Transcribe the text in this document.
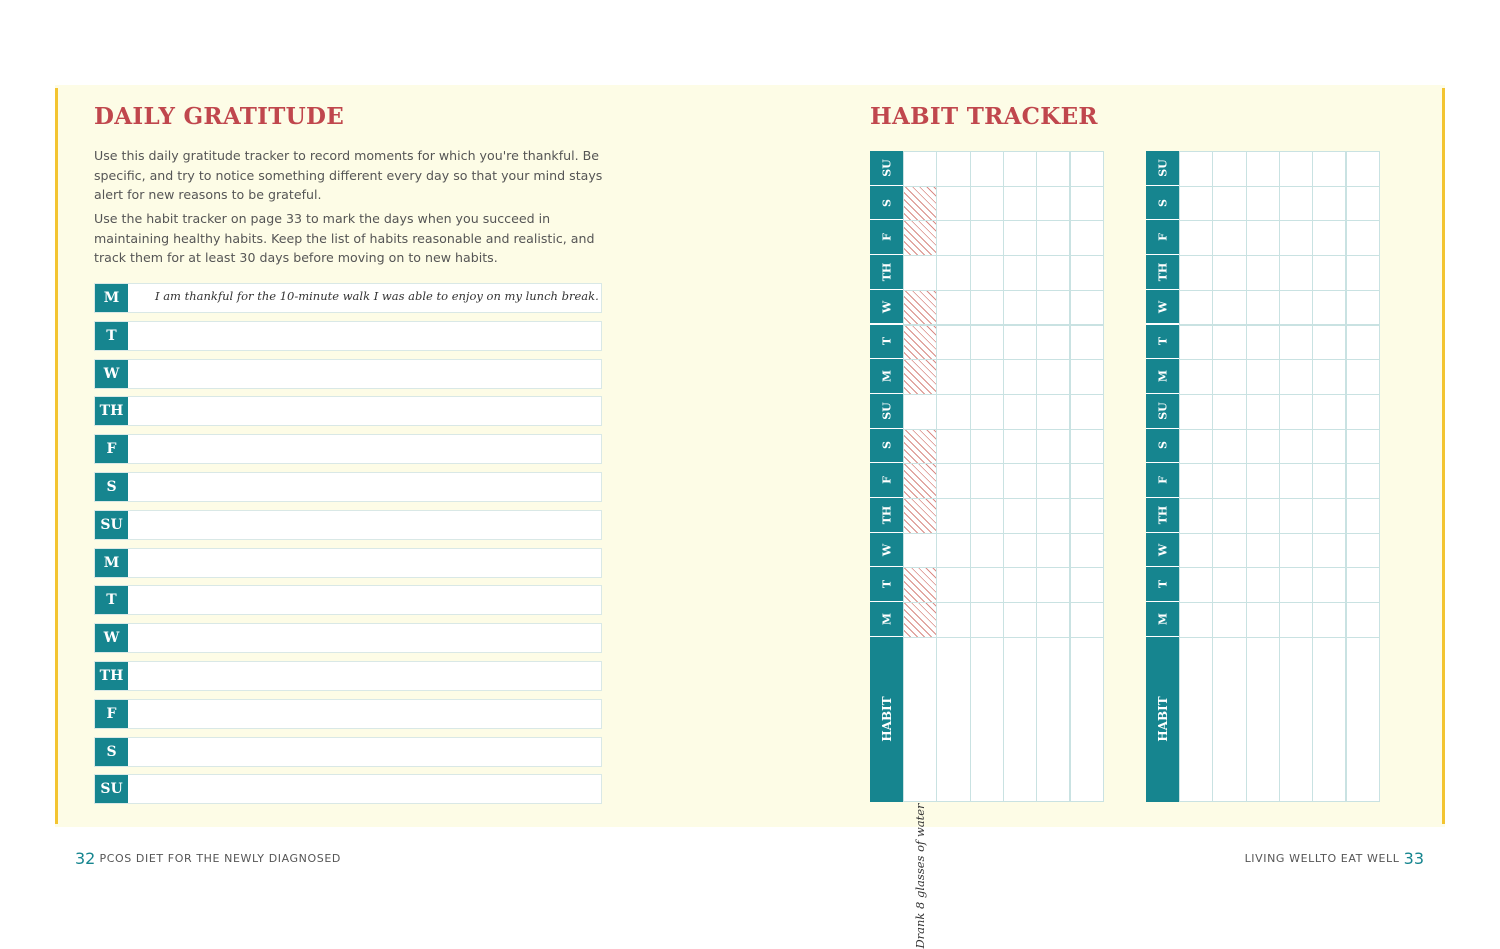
DAILY GRATITUDE

Use this daily gratitude tracker to record moments for which you're thankful. Be specific, and try to notice something different every day so that your mind stays alert for new reasons to be grateful.

Use the habit tracker on page 33 to mark the days when you succeed in maintaining healthy habits. Keep the list of habits reasonable and realistic, and track them for at least 30 days before moving on to new habits.

M	I am thankful for the 10-minute walk I was able to enjoy on my lunch break.
T
W
TH
F
S
SU
M
T
W
TH
F
S
SU
HABIT TRACKER
SU
S
F
TH
W
T
M
SU
S
F
TH
W
T
M
HABIT
Drank 8 glasses of water
SU
S
F
TH
W
T
M
SU
S
F
TH
W
T
M
HABIT
32 PCOS DIET FOR THE NEWLY DIAGNOSED	LIVING WELLTO EAT WELL 33
